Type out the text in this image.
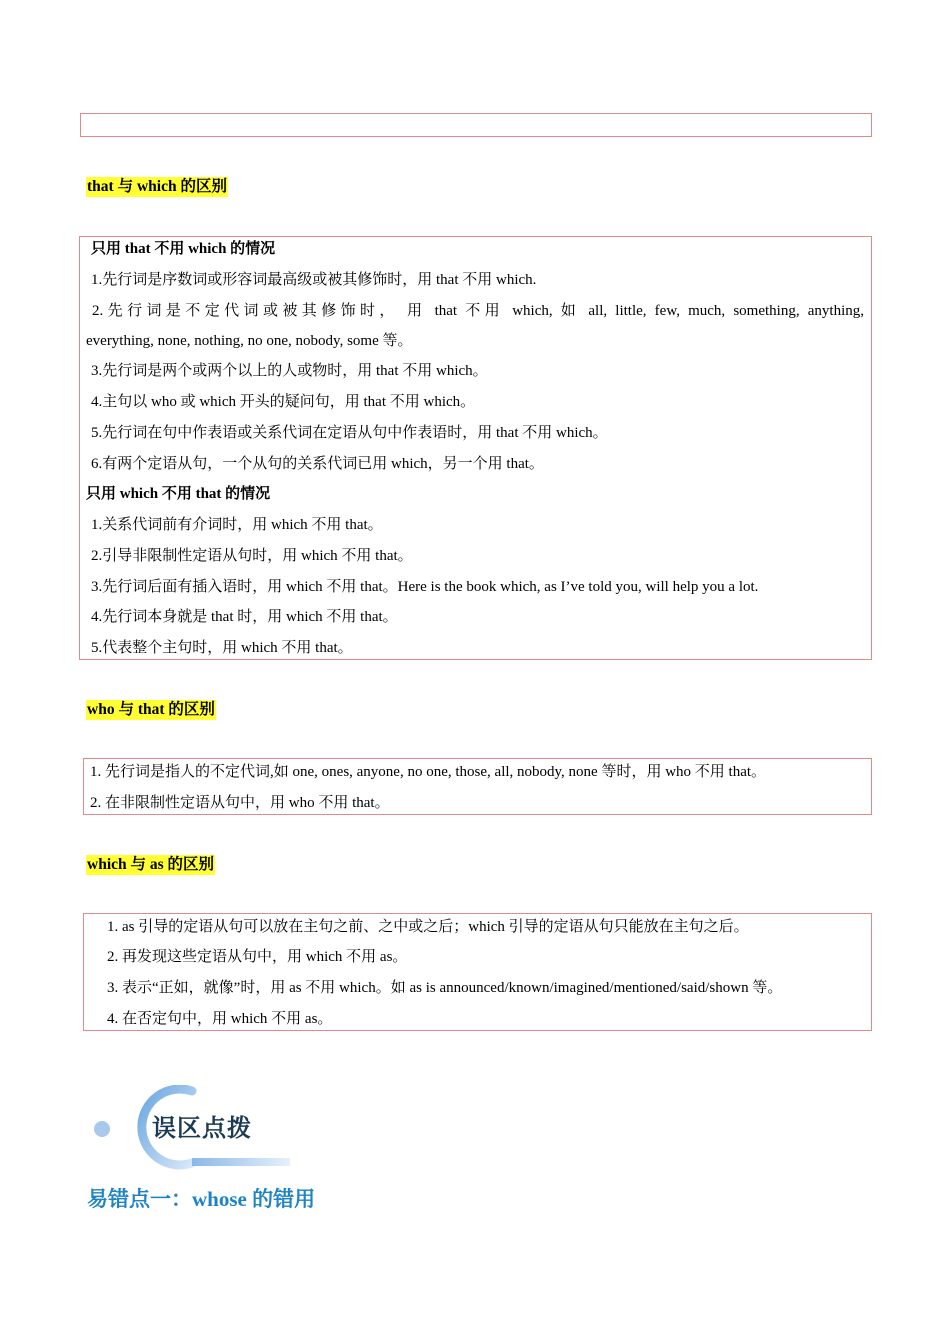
that 与 which 的区别
只用 that 不用 which 的情况
1.先行词是序数词或形容词最高级或被其修饰时，用 that 不用 which.
2.先行词是不定代词或被其修饰时， 用 that 不用 which, 如 all, little, few, much, something, anything,
everything, none, nothing, no one, nobody, some 等。
3.先行词是两个或两个以上的人或物时，用 that 不用 which。
4.主句以 who 或 which 开头的疑问句，用 that 不用 which。
5.先行词在句中作表语或关系代词在定语从句中作表语时，用 that 不用 which。
6.有两个定语从句，一个从句的关系代词已用 which，另一个用 that。
只用 which 不用 that 的情况
1.关系代词前有介词时，用 which 不用 that。
2.引导非限制性定语从句时，用 which 不用 that。
3.先行词后面有插入语时，用 which 不用 that。Here is the book which, as I’ve told you, will help you a lot.
4.先行词本身就是 that 时，用 which 不用 that。
5.代表整个主句时，用 which 不用 that。
who 与 that 的区别
1. 先行词是指人的不定代词,如 one, ones, anyone, no one, those, all, nobody, none 等时，用 who 不用 that。
2. 在非限制性定语从句中，用 who 不用 that。
which 与 as 的区别
1. as 引导的定语从句可以放在主句之前、之中或之后；which 引导的定语从句只能放在主句之后。
2. 再发现这些定语从句中，用 which 不用 as。
3. 表示“正如，就像”时，用 as 不用 which。如 as is announced/known/imagined/mentioned/said/shown 等。
4. 在否定句中，用 which 不用 as。
误区点拨
易错点一：whose 的错用
